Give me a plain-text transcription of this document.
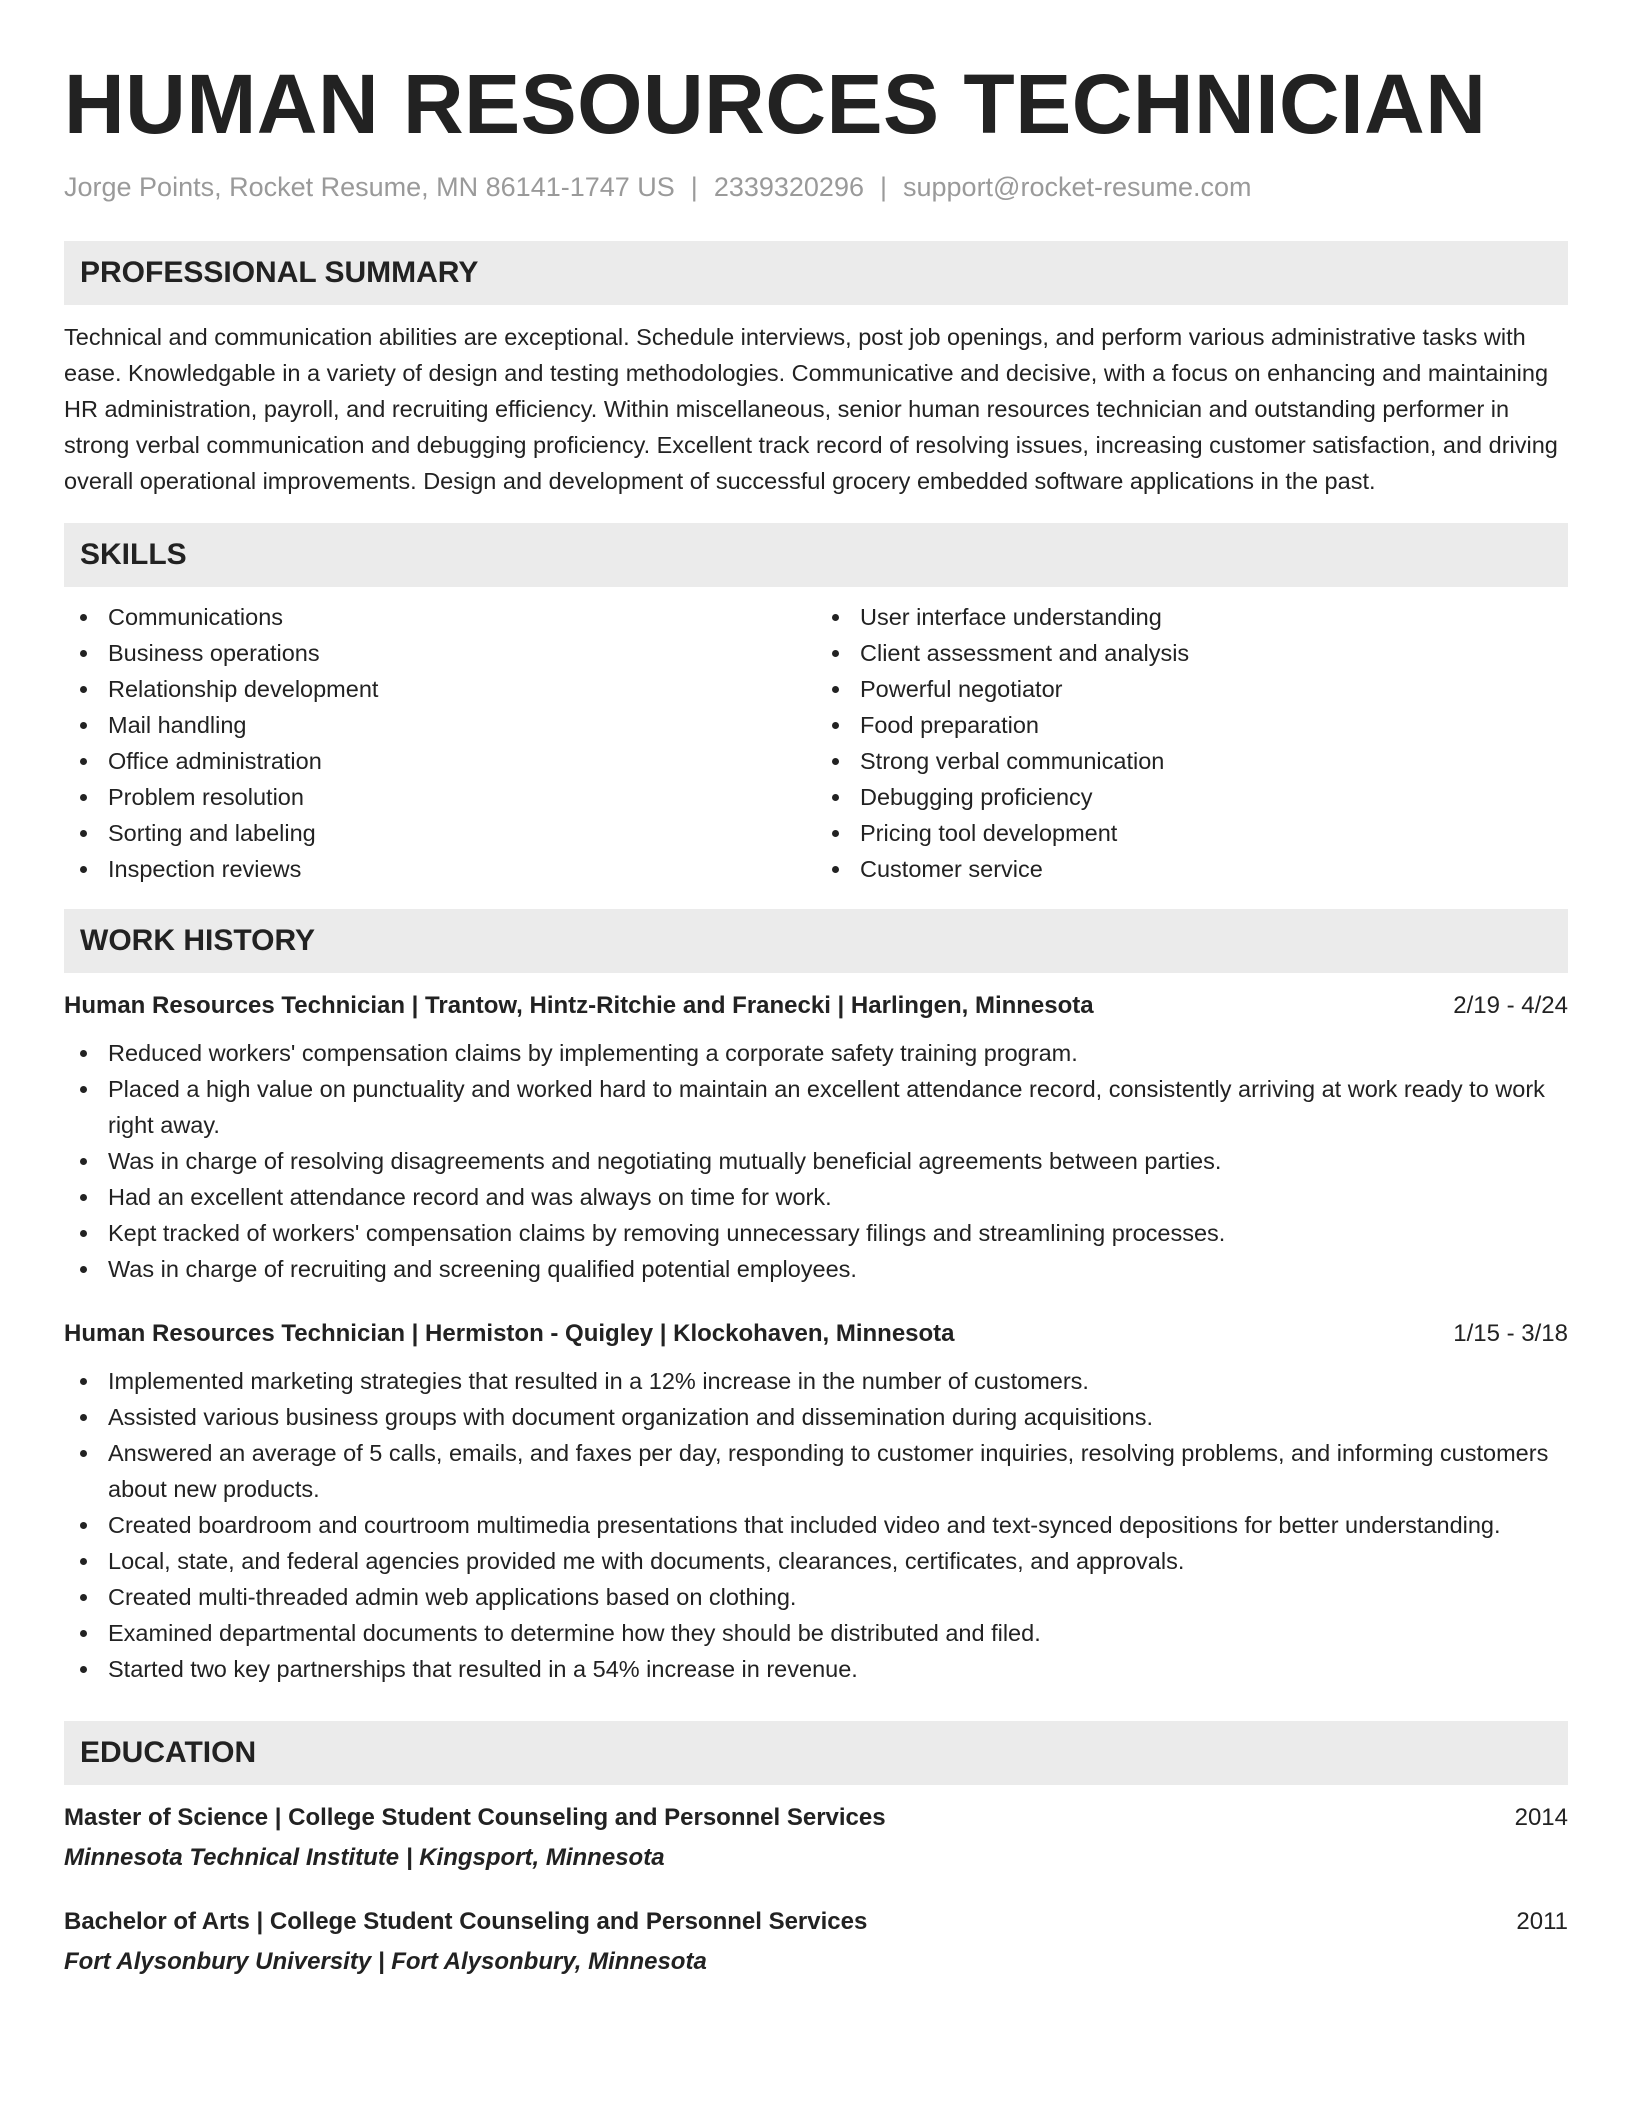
HUMAN RESOURCES TECHNICIAN
Jorge Points, Rocket Resume, MN 86141-1747 US | 2339320296 | support@rocket-resume.com
PROFESSIONAL SUMMARY

Technical and communication abilities are exceptional. Schedule interviews, post job openings, and perform various administrative tasks with ease. Knowledgable in a variety of design and testing methodologies. Communicative and decisive, with a focus on enhancing and maintaining HR administration, payroll, and recruiting efficiency. Within miscellaneous, senior human resources technician and outstanding performer in strong verbal communication and debugging proficiency. Excellent track record of resolving issues, increasing customer satisfaction, and driving overall operational improvements. Design and development of successful grocery embedded software applications in the past.

SKILLS
Communications
Business operations
Relationship development
Mail handling
Office administration
Problem resolution
Sorting and labeling
Inspection reviews
User interface understanding
Client assessment and analysis
Powerful negotiator
Food preparation
Strong verbal communication
Debugging proficiency
Pricing tool development
Customer service
WORK HISTORY
Human Resources Technician | Trantow, Hintz-Ritchie and Franecki | Harlingen, Minnesota	2/19 - 4/24
Reduced workers' compensation claims by implementing a corporate safety training program.
Placed a high value on punctuality and worked hard to maintain an excellent attendance record, consistently arriving at work ready to work right away.
Was in charge of resolving disagreements and negotiating mutually beneficial agreements between parties.
Had an excellent attendance record and was always on time for work.
Kept tracked of workers' compensation claims by removing unnecessary filings and streamlining processes.
Was in charge of recruiting and screening qualified potential employees.
Human Resources Technician | Hermiston - Quigley | Klockohaven, Minnesota	1/15 - 3/18
Implemented marketing strategies that resulted in a 12% increase in the number of customers.
Assisted various business groups with document organization and dissemination during acquisitions.
Answered an average of 5 calls, emails, and faxes per day, responding to customer inquiries, resolving problems, and informing customers about new products.
Created boardroom and courtroom multimedia presentations that included video and text-synced depositions for better understanding.
Local, state, and federal agencies provided me with documents, clearances, certificates, and approvals.
Created multi-threaded admin web applications based on clothing.
Examined departmental documents to determine how they should be distributed and filed.
Started two key partnerships that resulted in a 54% increase in revenue.
EDUCATION
Master of Science | College Student Counseling and Personnel Services	2014
Minnesota Technical Institute | Kingsport, Minnesota
Bachelor of Arts | College Student Counseling and Personnel Services	2011
Fort Alysonbury University | Fort Alysonbury, Minnesota
